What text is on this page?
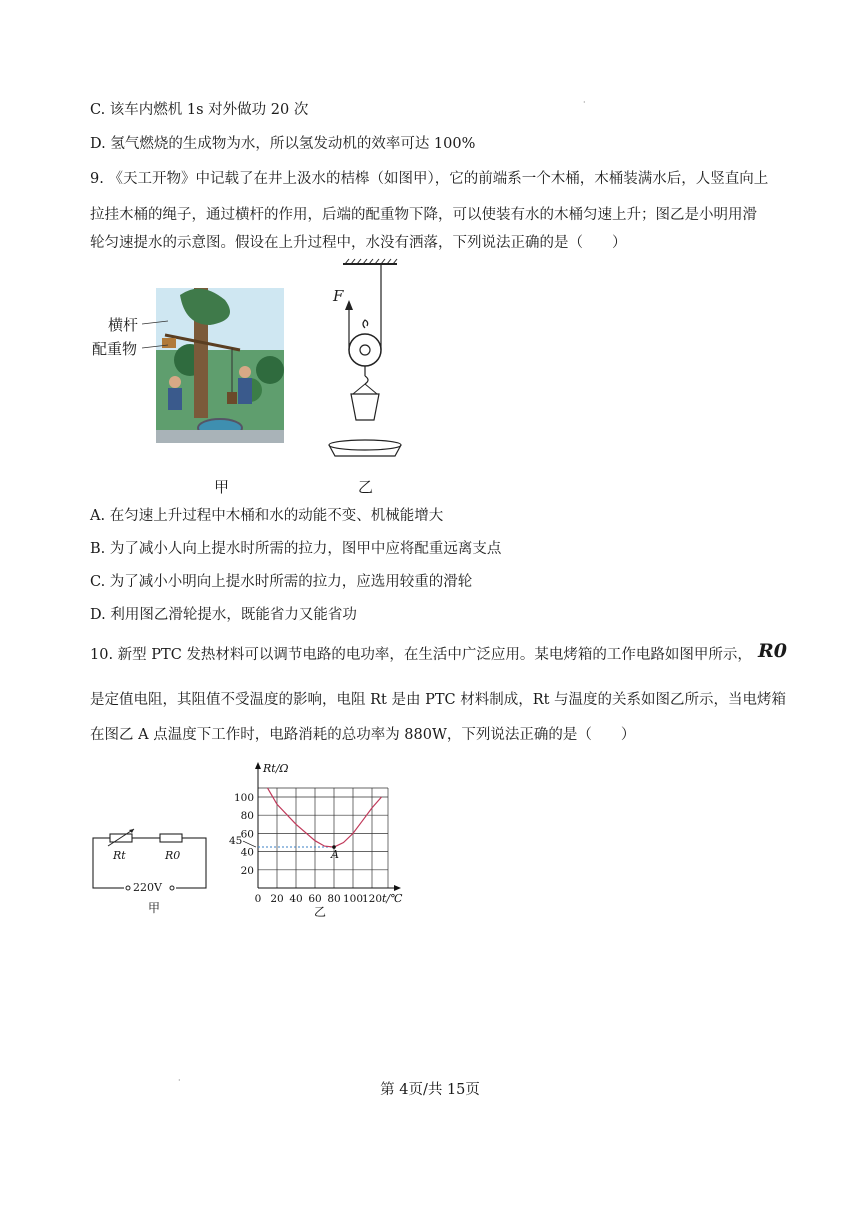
C. 该车内燃机 1s 对外做功 20 次
D. 氢气燃烧的生成物为水，所以氢发动机的效率可达 100%
·
9. 《天工开物》中记载了在井上汲水的桔槔（如图甲），它的前端系一个木桶，木桶装满水后，人竖直向上
拉挂木桶的绳子，通过横杆的作用，后端的配重物下降，可以使装有水的木桶匀速上升；图乙是小明用滑
轮匀速提水的示意图。假设在上升过程中，水没有洒落，下列说法正确的是（　　）
横杆
配重物
甲
F
乙
A. 在匀速上升过程中木桶和水的动能不变、机械能增大
B. 为了减小人向上提水时所需的拉力，图甲中应将配重远离支点
C. 为了减小小明向上提水时所需的拉力，应选用较重的滑轮
D. 利用图乙滑轮提水，既能省力又能省功
10. 新型 PTC 发热材料可以调节电路的电功率，在生活中广泛应用。某电烤箱的工作电路如图甲所示， R0
是定值电阻，其阻值不受温度的影响，电阻 Rt 是由 PTC 材料制成，Rt 与温度的关系如图乙所示，当电烤箱
在图乙 A 点温度下工作时，电路消耗的总功率为 880W，下列说法正确的是（　　）
Rt	R0
220V
甲
Rt/Ω
t/℃
0 20 40 60 80 100
120
20
40
60
80
100
45
A
乙
第 4页/共 15页
·
